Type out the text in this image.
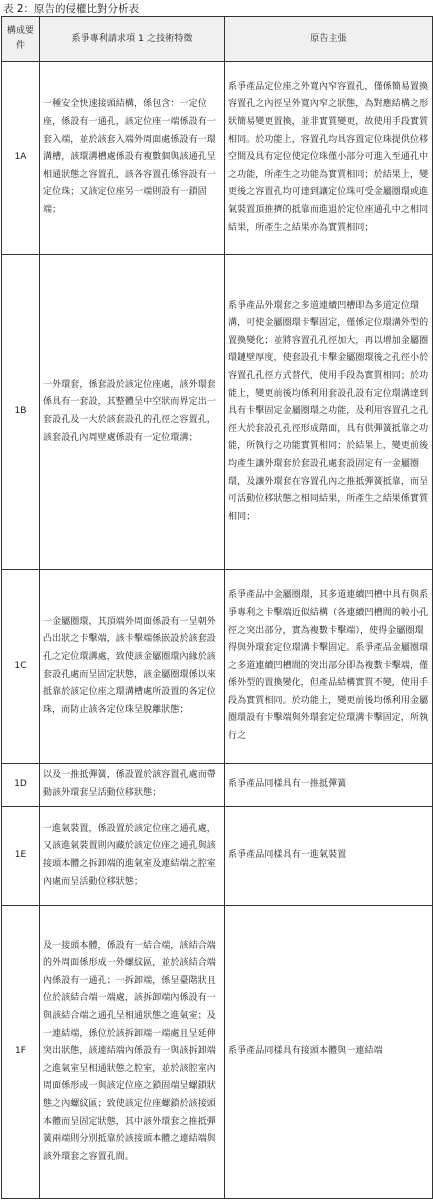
表 2：原告的侵權比對分析表
構成要件	系爭專利請求項 1 之技術特徵	原告主張
1A	一種安全快速接頭結構，係包含：一定位座，係設有一通孔，該定位座一端係設有一套入端，並於該套入端外周面處係設有一環溝槽，該環溝槽處係設有複數個與該通孔呈相通狀態之容置孔，該各容置孔係容設有一定位珠；又該定位座另一端則設有一鎖固端；	系爭產品定位座之外寬內窄容置孔，僅係簡易置換容置孔之內徑呈外寬內窄之狀態，為對應結構之形狀簡易變更置換，並非實質變更，故使用手段實質相同。於功能上，容置孔均具容置定位珠提供位移空間及具有定位使定位珠僅小部分可進入至通孔中之功能，所產生之功能為實質相同；於結果上，變更後之容置孔均可達到讓定位珠可受金屬圈環或進氣裝置頂推擠的抵靠而進退於定位座通孔中之相同結果，所產生之結果亦為實質相同；
1B	一外環套，係套設於該定位座處，該外環套係具有一套設，其整體呈中空狀而界定出一套設孔及一大於該套設孔的孔徑之容置孔，該套設孔內周壁處係設有一定位環溝；	系爭產品外環套之多道連續凹槽即為多道定位環溝，可使金屬圈環卡擊固定，僅係定位環溝外型的置換變化；並將容置孔孔徑加大，再以增加金屬圈環鏈壁厚度，使套設孔卡擊金屬圈環後之孔徑小於容置孔孔徑方式替代，使用手段為實質相同；於功能上，變更前後均係利用套設孔設有定位環溝達到具有卡擊固定金屬圈環之功能，及利用容置孔之孔徑大於套設孔孔徑形成階面，具有供彈簧抵靠之功能，所執行之功能實質相同；於結果上，變更前後均產生讓外環套於套設孔處套設固定有一金屬圈環，及讓外環套在容置孔內之推抵彈簧抵靠，而呈可活動位移狀態之相同結果，所產生之結果係實質相同；
1C	一金屬圈環，其頂端外周面係設有一呈朝外凸出狀之卡擊端，該卡擊端係嵌設於該套設孔之定位環溝處，致使該金屬圈環內緣於該套設孔處而呈固定狀態，該金屬圈環係以來抵靠於該定位座之環溝槽處所設置的各定位珠，而防止該各定位珠呈脫離狀態；	系爭產品中金屬圈環，其多道連續凹槽中具有與系爭專利之卡擊端近似結構（各連續凹槽間的較小孔徑之突出部分，實為複數卡擊端），使得金屬圈環得與外環套定位環溝卡擊固定。系爭產品金屬圈環之多道連續凹槽間的突出部分即為複數卡擊端，僅係外型的置換變化，但產品結構實質不變，使用手段為實質相同。於功能上，變更前後均係利用金屬圈環設有卡擊端與外環套定位環溝卡擊固定，所執行之
1D	以及一推抵彈簧，係設置於該容置孔處而帶動該外環套呈活動位移狀態；	系爭產品同樣具有一推抵彈簧
1E	一進氣裝置，係設置於該定位座之通孔處，又該進氣裝置則內藏於該定位座之通孔與該接頭本體之拆卸端的進氣室及連結端之腔室內處而呈活動位移狀態；	系爭產品同樣具有一進氣裝置
1F	及一接頭本體，係設有一結合端，該結合端的外周面係形成一外螺紋區，並於該結合端內係設有一通孔；一拆卸端，係呈臺階狀且位於該結合端一端處，該拆卸端內係設有一與該結合端之通孔呈相通狀態之進氣室；及一連結端，係位於該拆卸端一端處且呈延伸突出狀態，該連結端內係設有一與該拆卸端之進氣室呈相通狀態之腔室，並於該腔室內周面係形成一與該定位座之鎖固端呈螺鎖狀態之內螺紋區；致使該定位座螺鎖於該接頭本體而呈固定狀態，其中該外環套之推抵彈簧兩端則分別抵靠於該接頭本體之連結端與該外環套之容置孔間。	系爭產品同樣具有接頭本體與一連結端
